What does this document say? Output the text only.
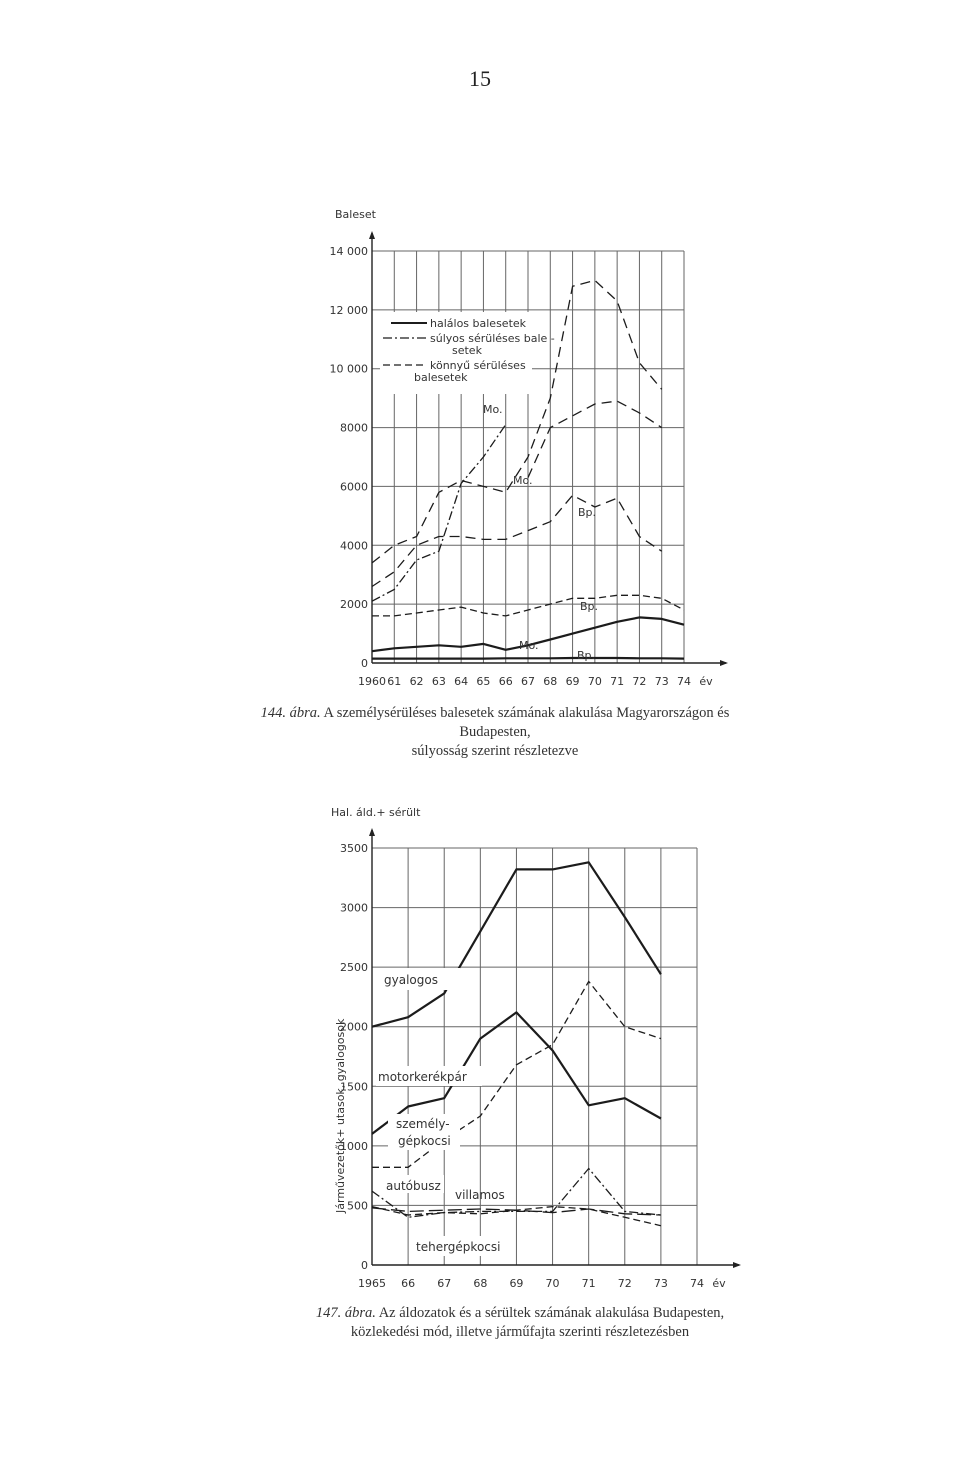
15
14 000
12 000
10 000
8000
6000
4000
2000
0
1960 61 62 63 64 65 66 67 68 69 70 71 72 73 74 év
Baleset
halálos balesetek
súlyos sérüléses bale -
setek
könnyű sérüléses
balesetek
Mo.
Mo.
Bp.
Bp.
Mo.
Bp.
144. ábra. A személysérüléses balesetek számának alakulása Magyarországon és Budapesten,
súlyosság szerint részletezve
3500
3000
2500
2000
1500
1000
500
0
1965 66 67 68 69 70 71 72 73 74 év
Hal. áld.+ sérült
Járművezetők+ utasok, gyalogosok
gyalogos
motorkerékpár
személy-
gépkocsi
autóbusz
villamos
tehergépkocsi
147. ábra. Az áldozatok és a sérültek számának alakulása Budapesten,
közlekedési mód, illetve járműfajta szerinti részletezésben
